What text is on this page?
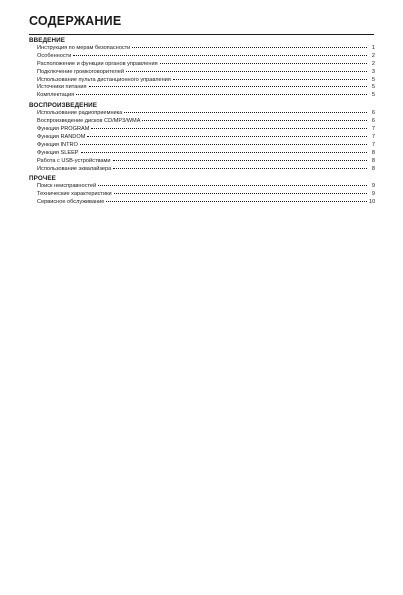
СОДЕРЖАНИЕ
ВВЕДЕНИЕ
Инструкция по мерам безопасности	1
Особенности	2
Расположение и функции органов управления	2
Подключение громкоговорителей	3
Использование пульта дистанционного управления	5
Источники питания	5
Комплектация	5
ВОСПРОИЗВЕДЕНИЕ
Использование радиоприемника	6
Воспроизведение дисков CD/MP3/WMA	6
Функция PROGRAM	7
Функция RANDOM	7
Функция INTRO	7
Функция SLEEP	8
Работа с USB-устройствами	8
Использование эквалайзера	8
ПРОЧЕЕ
Поиск неисправностей	9
Технические характеристики	9
Сервисное обслуживание	10
